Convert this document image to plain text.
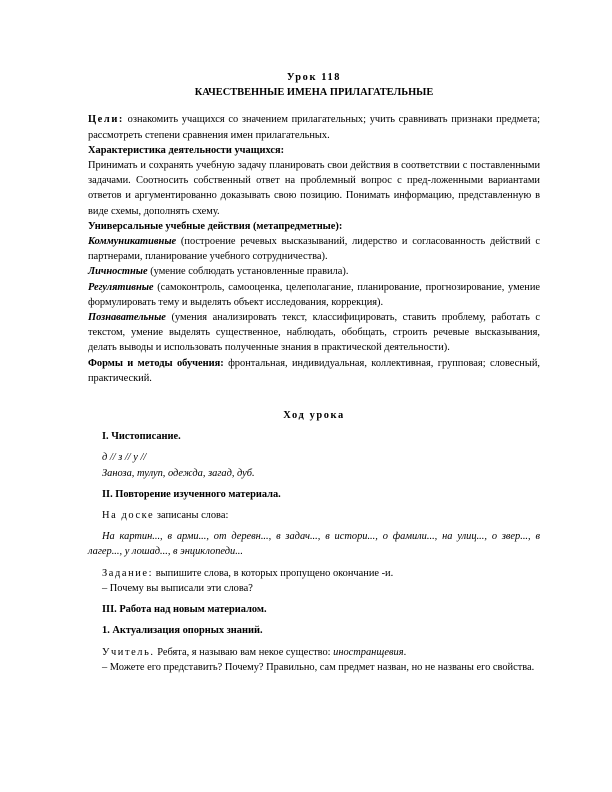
Урок 118

КАЧЕСТВЕННЫЕ ИМЕНА ПРИЛАГАТЕЛЬНЫЕ

Цели: ознакомить учащихся со значением прилагательных; учить сравнивать признаки предмета; рассмотреть степени сравнения имен прилагательных.

Характеристика деятельности учащихся:

Принимать и сохранять учебную задачу планировать свои действия в соответствии с поставленными задачами. Соотносить собственный ответ на проблемный вопрос с пред-ложенными вариантами ответов и аргументированно доказывать свою позицию. Понимать информацию, представленную в виде схемы, дополнять схему.

Универсальные учебные действия (метапредметные):

Коммуникативные (построение речевых высказываний, лидерство и согласованность действий с партнерами, планирование учебного сотрудничества).

Личностные (умение соблюдать установленные правила).

Регулятивные (самоконтроль, самооценка, целеполагание, планирование, прогнозирование, умение формулировать тему и выделять объект исследования, коррекция).

Познавательные (умения анализировать текст, классифицировать, ставить проблему, работать с текстом, умение выделять существенное, наблюдать, обобщать, строить речевые высказывания, делать выводы и использовать полученные знания в практической деятельности).

Формы и методы обучения: фронтальная, индивидуальная, коллективная, групповая; словесный, практический.

Ход урока

I. Чистописание.

д // з // у //

Заноза, тулуп, одежда, загад, дуб.

II. Повторение изученного материала.

На доске записаны слова:

На картин..., в арми..., от деревн..., в задач..., в истори..., о фамили..., на улиц..., о звер..., в лагер..., у лошад..., в энциклопеди...

Задание: выпишите слова, в которых пропущено окончание -и.

– Почему вы выписали эти слова?

III. Работа над новым материалом.

1. Актуализация опорных знаний.

Учитель. Ребята, я называю вам некое существо: иностранщевия.

– Можете его представить? Почему? Правильно, сам предмет назван, но не названы его свойства.
